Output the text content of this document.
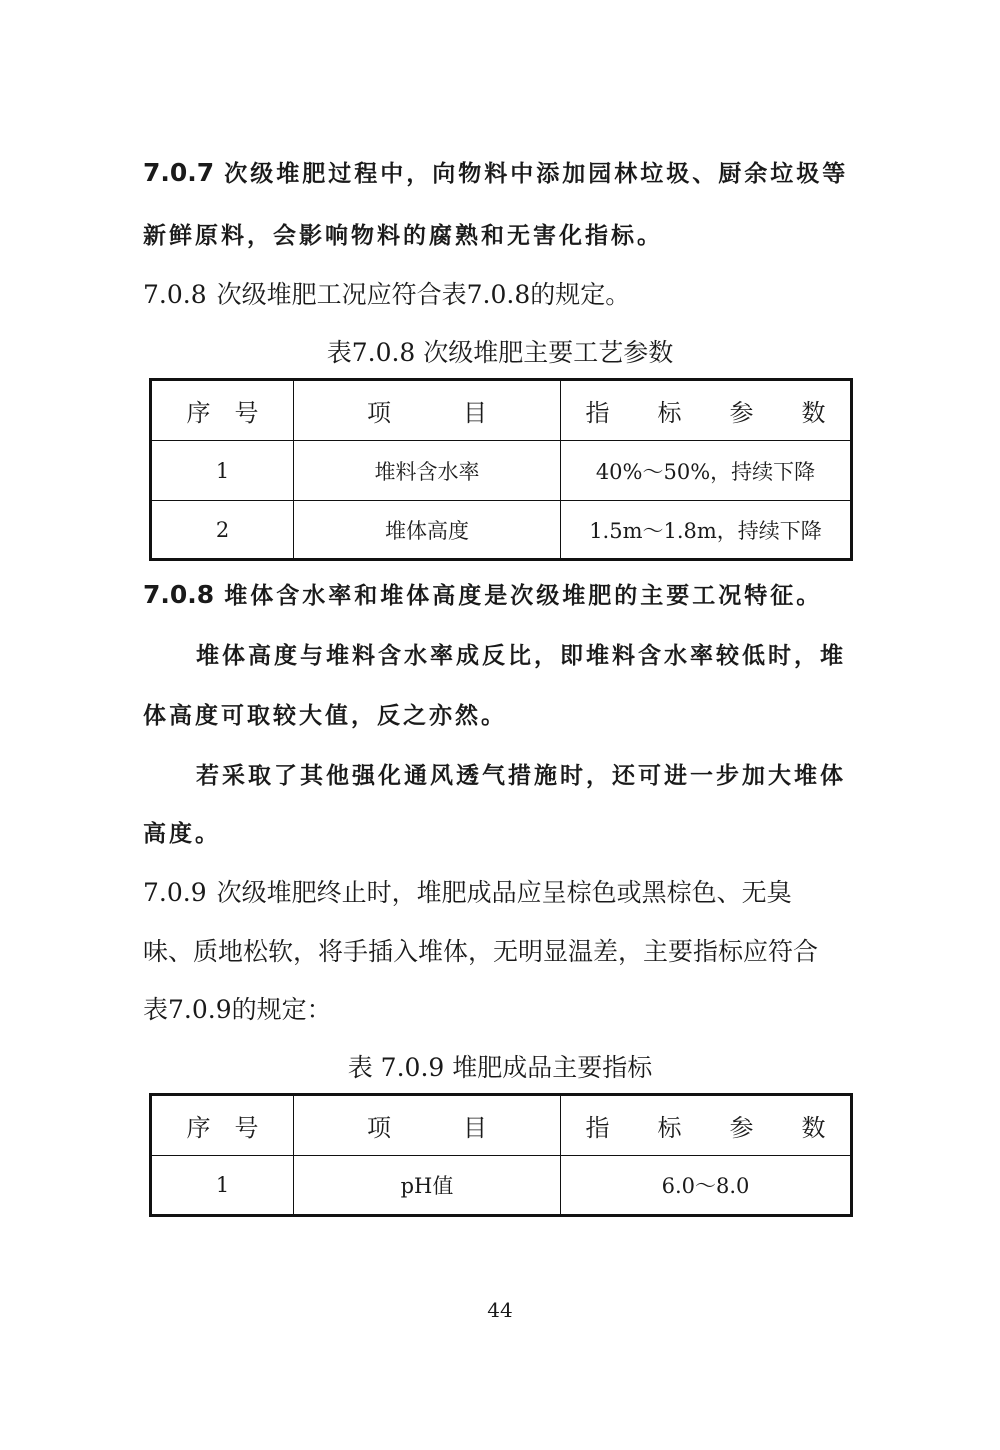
7.0.7 次级堆肥过程中，向物料中添加园林垃圾、厨余垃圾等
新鲜原料，会影响物料的腐熟和无害化指标。
7.0.8 次级堆肥工况应符合表7.0.8的规定。
表7.0.8 次级堆肥主要工艺参数
序　号	项　　　目	指　　标　　参　　数
1	堆料含水率	40%～50%，持续下降
2	堆体高度	1.5m～1.8m，持续下降
7.0.8 堆体含水率和堆体高度是次级堆肥的主要工况特征。
堆体高度与堆料含水率成反比，即堆料含水率较低时，堆
体高度可取较大值，反之亦然。
若采取了其他强化通风透气措施时，还可进一步加大堆体
高度。
7.0.9 次级堆肥终止时，堆肥成品应呈棕色或黑棕色、无臭
味、质地松软，将手插入堆体，无明显温差，主要指标应符合
表7.0.9的规定：
表 7.0.9 堆肥成品主要指标
序　号	项　　　目	指　　标　　参　　数
1	pH值	6.0～8.0
44
